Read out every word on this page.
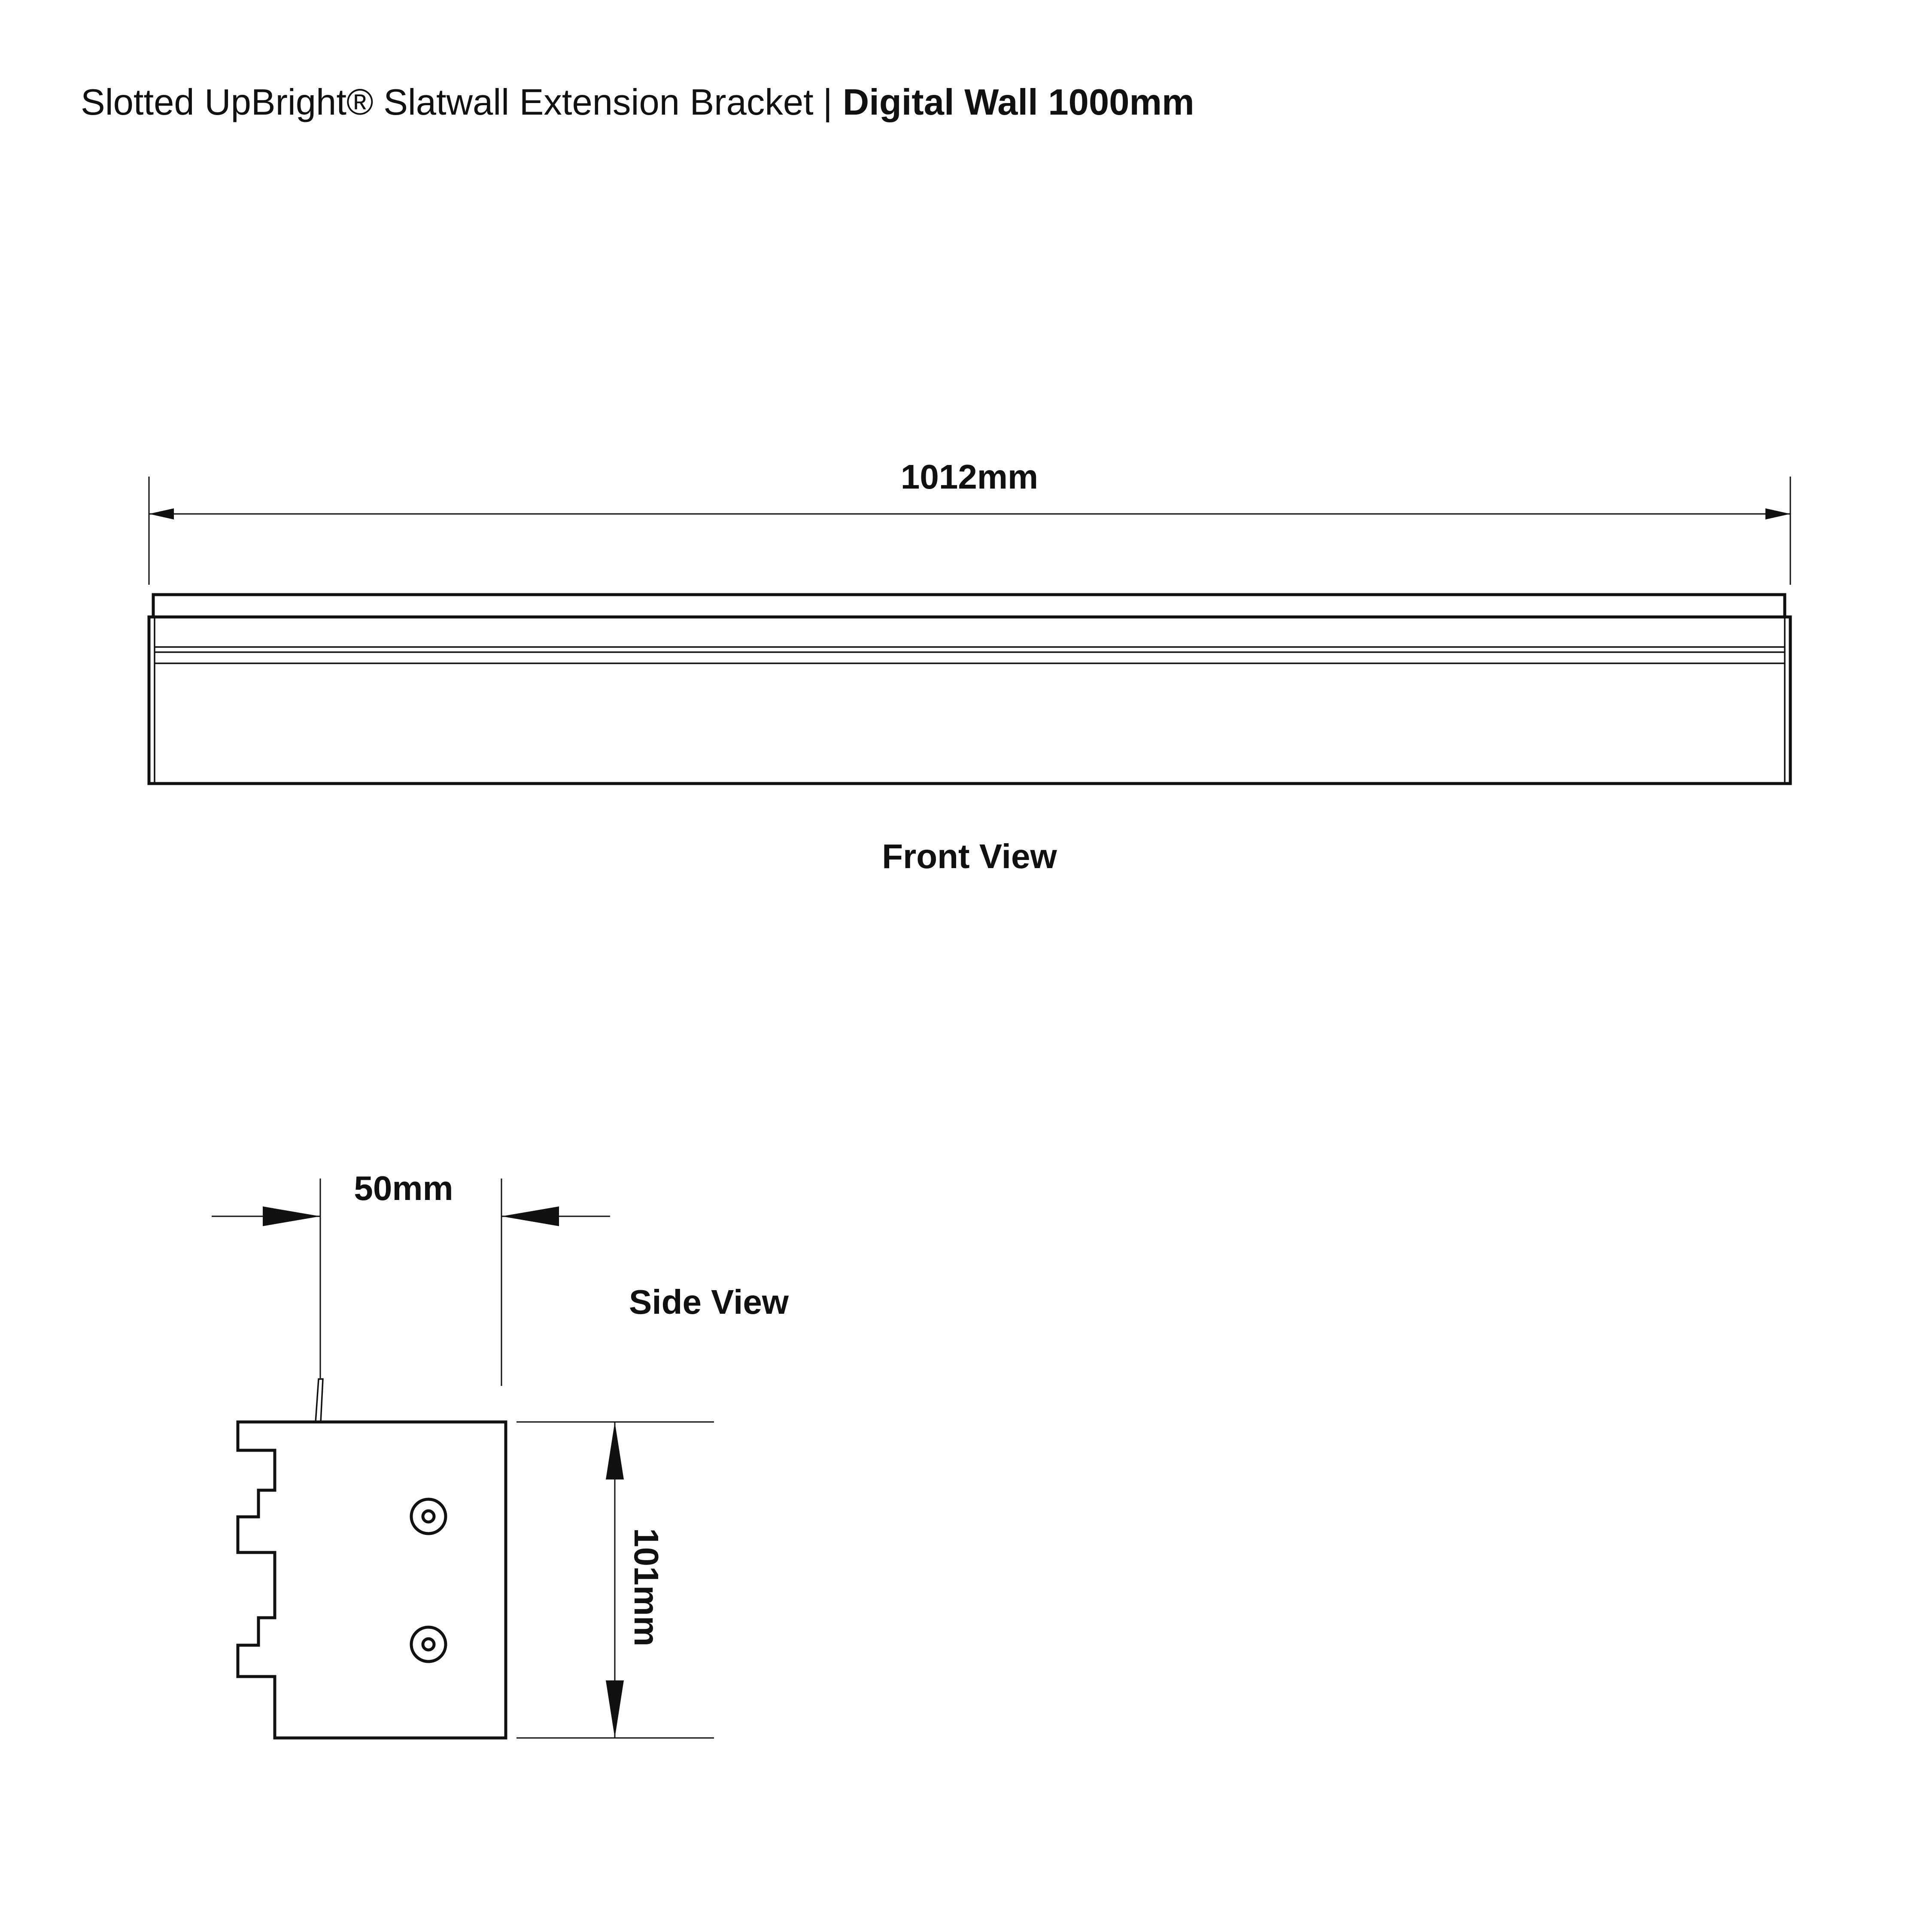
Slotted UpBright® Slatwall Extension Bracket | Digital Wall 1000mm
1012mm
Front View
50mm
Side View
101mm
